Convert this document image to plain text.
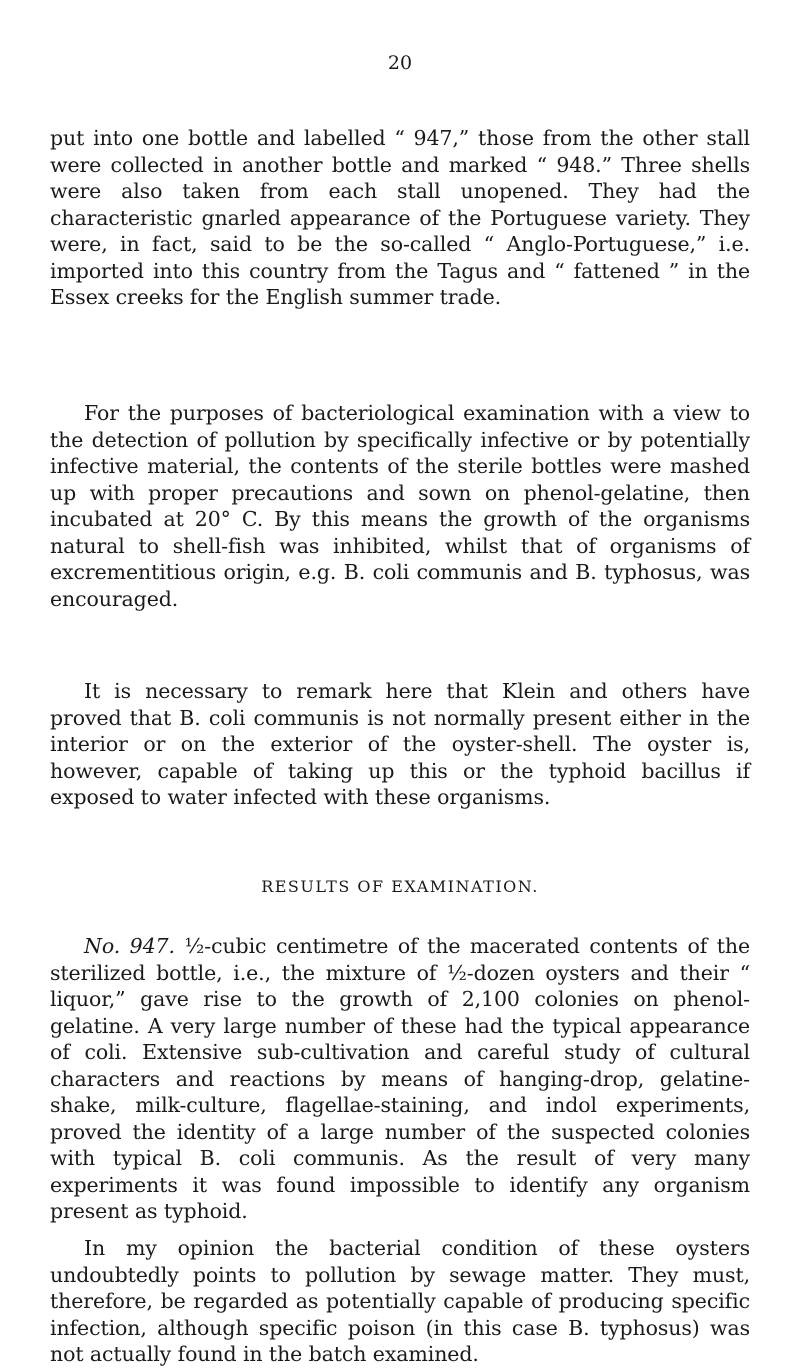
20

put into one bottle and labelled “ 947,” those from the other stall were collected in another bottle and marked “ 948.” Three shells were also taken from each stall unopened. They had the characteristic gnarled appearance of the Portuguese variety. They were, in fact, said to be the so-called “ Anglo-Portuguese,” i.e. imported into this country from the Tagus and “ fattened ” in the Essex creeks for the English summer trade.

For the purposes of bacteriological examination with a view to the detection of pollution by specifically infective or by potentially infective material, the contents of the sterile bottles were mashed up with proper precautions and sown on phenol-gelatine, then incubated at 20° C. By this means the growth of the organisms natural to shell-fish was inhibited, whilst that of organisms of excrementitious origin, e.g. B. coli communis and B. typhosus, was encouraged.

It is necessary to remark here that Klein and others have proved that B. coli communis is not normally present either in the interior or on the exterior of the oyster-shell. The oyster is, however, capable of taking up this or the typhoid bacillus if exposed to water infected with these organisms.

RESULTS OF EXAMINATION.

No. 947. ½-cubic centimetre of the macerated contents of the sterilized bottle, i.e., the mixture of ½-dozen oysters and their “ liquor,” gave rise to the growth of 2,100 colonies on phenol-gelatine. A very large number of these had the typical appearance of coli. Extensive sub-cultivation and careful study of cultural characters and reactions by means of hanging-drop, gelatine-shake, milk-culture, flagellae-staining, and indol experiments, proved the identity of a large number of the suspected colonies with typical B. coli communis. As the result of very many experiments it was found impossible to identify any organism present as typhoid.

In my opinion the bacterial condition of these oysters undoubtedly points to pollution by sewage matter. They must, therefore, be regarded as potentially capable of producing specific infection, although specific poison (in this case B. typhosus) was not actually found in the batch examined.
